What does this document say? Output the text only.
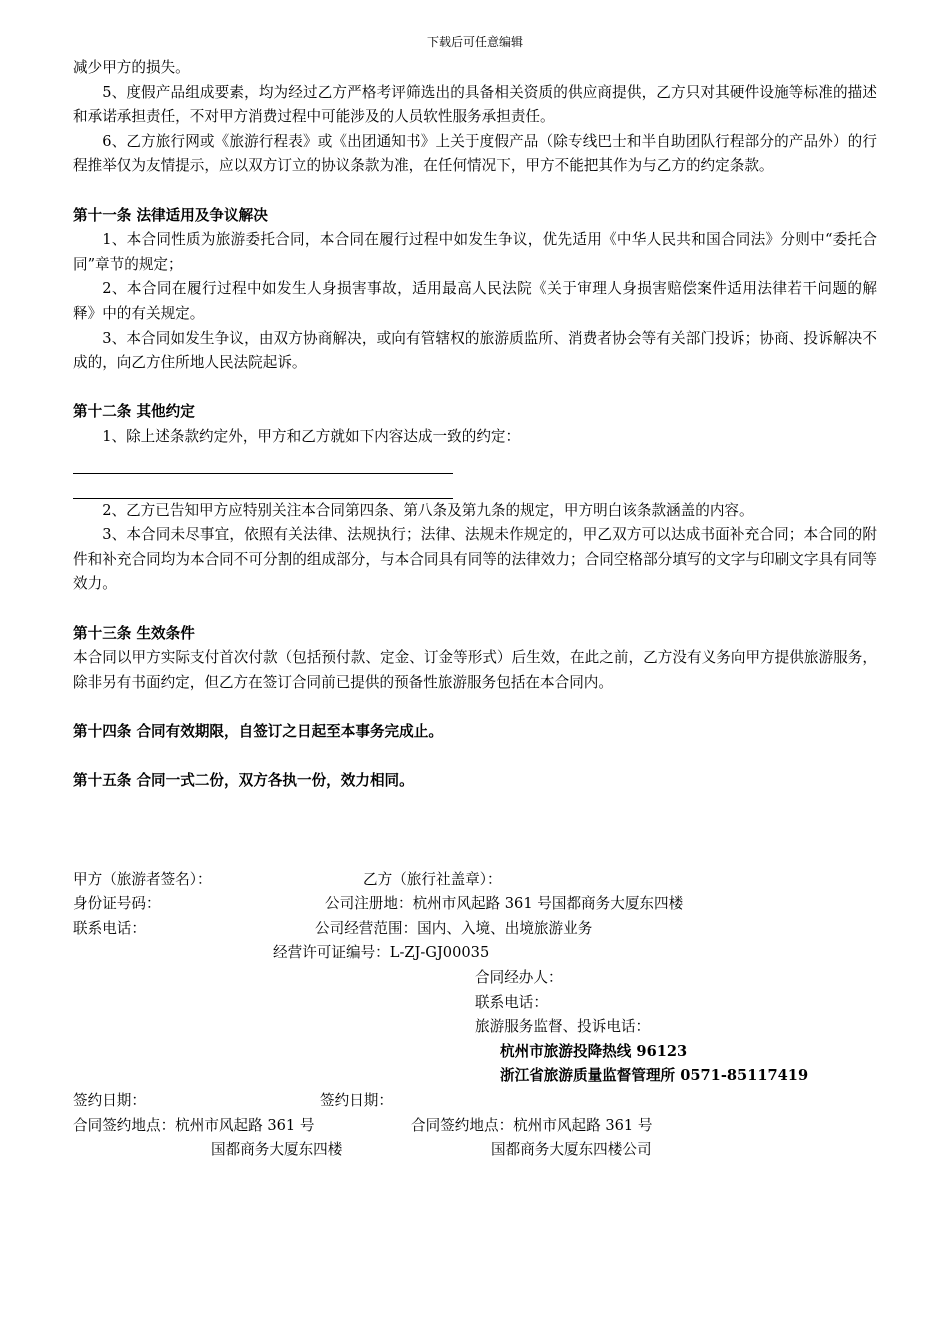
下载后可任意编辑

减少甲方的损失。

5、度假产品组成要素，均为经过乙方严格考评筛选出的具备相关资质的供应商提供，乙方只对其硬件设施等标准的描述和承诺承担责任，不对甲方消费过程中可能涉及的人员软性服务承担责任。

6、乙方旅行网或《旅游行程表》或《出团通知书》上关于度假产品（除专线巴士和半自助团队行程部分的产品外）的行程推举仅为友情提示，应以双方订立的协议条款为准，在任何情况下，甲方不能把其作为与乙方的约定条款。

第十一条 法律适用及争议解决

1、本合同性质为旅游委托合同，本合同在履行过程中如发生争议，优先适用《中华人民共和国合同法》分则中“委托合同”章节的规定；

2、本合同在履行过程中如发生人身损害事故，适用最高人民法院《关于审理人身损害赔偿案件适用法律若干问题的解释》中的有关规定。

3、本合同如发生争议，由双方协商解决，或向有管辖权的旅游质监所、消费者协会等有关部门投诉；协商、投诉解决不成的，向乙方住所地人民法院起诉。

第十二条 其他约定

1、除上述条款约定外，甲方和乙方就如下内容达成一致的约定：

2、乙方已告知甲方应特别关注本合同第四条、第八条及第九条的规定，甲方明白该条款涵盖的内容。

3、本合同未尽事宜，依照有关法律、法规执行；法律、法规未作规定的，甲乙双方可以达成书面补充合同；本合同的附件和补充合同均为本合同不可分割的组成部分，与本合同具有同等的法律效力；合同空格部分填写的文字与印刷文字具有同等效力。

第十三条 生效条件

本合同以甲方实际支付首次付款（包括预付款、定金、订金等形式）后生效，在此之前，乙方没有义务向甲方提供旅游服务，除非另有书面约定，但乙方在签订合同前已提供的预备性旅游服务包括在本合同内。

第十四条 合同有效期限，自签订之日起至本事务完成止。

第十五条 合同一式二份，双方各执一份，效力相同。

甲方（旅游者签名）：	乙方（旅行社盖章）：
身份证号码：	公司注册地：杭州市风起路 361 号国都商务大厦东四楼
联系电话：	公司经营范围：国内、入境、出境旅游业务
经营许可证编号：L-ZJ-GJ00035
合同经办人：
联系电话：
旅游服务监督、投诉电话：
杭州市旅游投降热线 96123
浙江省旅游质量监督管理所 0571-85117419
签约日期：	签约日期：
合同签约地点：杭州市风起路 361 号	合同签约地点：杭州市风起路 361 号
国都商务大厦东四楼	国都商务大厦东四楼公司
